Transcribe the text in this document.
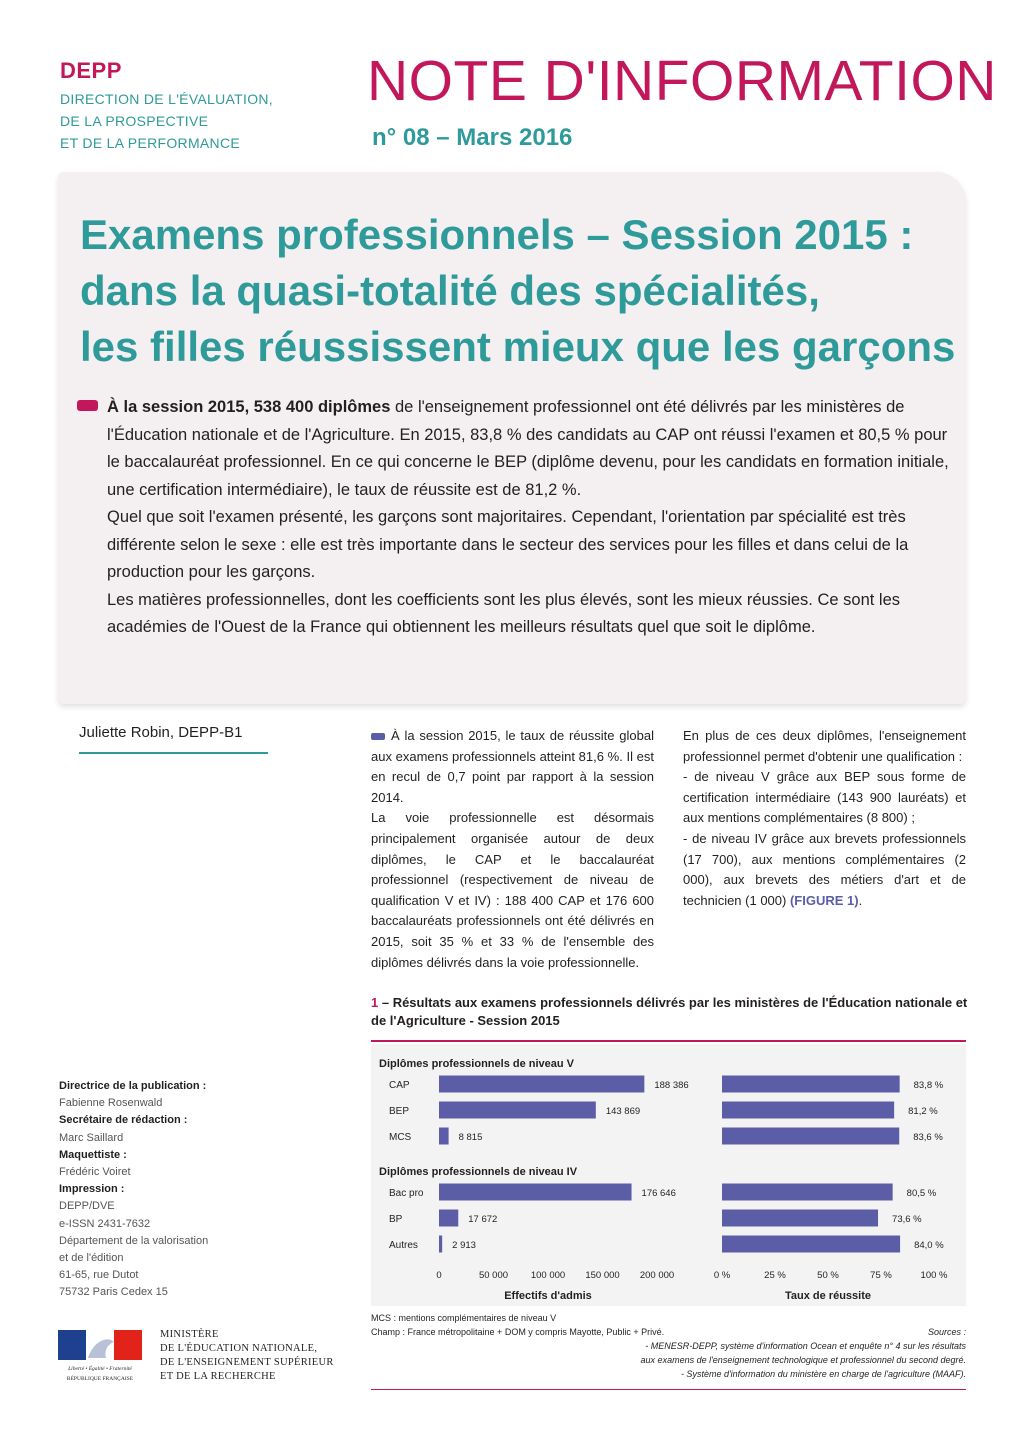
DEPP
DIRECTION DE L'ÉVALUATION,
DE LA PROSPECTIVE
ET DE LA PERFORMANCE
NOTE D'INFORMATION
n° 08 – Mars 2016
Examens professionnels – Session 2015 :
dans la quasi-totalité des spécialités,
les filles réussissent mieux que les garçons

À la session 2015, 538 400 diplômes de l'enseignement professionnel ont été délivrés par les ministères de l'Éducation nationale et de l'Agriculture. En 2015, 83,8 % des candidats au CAP ont réussi l'examen et 80,5 % pour le baccalauréat professionnel. En ce qui concerne le BEP (diplôme devenu, pour les candidats en formation initiale, une certification intermédiaire), le taux de réussite est de 81,2 %.

Quel que soit l'examen présenté, les garçons sont majoritaires. Cependant, l'orientation par spécialité est très différente selon le sexe : elle est très importante dans le secteur des services pour les filles et dans celui de la production pour les garçons.

Les matières professionnelles, dont les coefficients sont les plus élevés, sont les mieux réussies. Ce sont les académies de l'Ouest de la France qui obtiennent les meilleurs résultats quel que soit le diplôme.

Juliette Robin, DEPP-B1	À la session 2015, le taux de réussite global aux examens professionnels atteint 81,6 %. Il est en recul de 0,7 point par rapport à la session 2014.

La voie professionnelle est désormais principalement organisée autour de deux diplômes, le CAP et le baccalauréat professionnel (respectivement de niveau de qualification V et IV) : 188 400 CAP et 176 600 baccalauréats professionnels ont été délivrés en 2015, soit 35 % et 33 % de l'ensemble des diplômes délivrés dans la voie professionnelle.

En plus de ces deux diplômes, l'enseignement professionnel permet d'obtenir une qualification :

- de niveau V grâce aux BEP sous forme de certification intermédiaire (143 900 lauréats) et aux mentions complémentaires (8 800) ;

- de niveau IV grâce aux brevets professionnels (17 700), aux mentions complémentaires (2 000), aux brevets des métiers d'art et de technicien (1 000) (FIGURE 1).

1 – Résultats aux examens professionnels délivrés par les ministères de l'Éducation nationale et de l'Agriculture - Session 2015
Diplômes professionnels de niveau V
CAP	188 386	83,8 %
BEP	143 869	81,2 %
MCS	8 815	83,6 %
Diplômes professionnels de niveau IV
Bac pro	176 646	80,5 %
BP	17 672	73,6 %
Autres	2 913	84,0 %
0	50 000 100 000 150 000 200 000	0 %	25 %	50 %	75 %	100 %
Effectifs d'admis	Taux de réussite
MCS : mentions complémentaires de niveau V
Champ : France métropolitaine + DOM y compris Mayotte, Public + Privé.	Sources :
- MENESR-DEPP, système d'information Ocean et enquête n° 4 sur les résultats
aux examens de l'enseignement technologique et professionnel du second degré.
- Système d'information du ministère en charge de l'agriculture (MAAF).
Directrice de la publication :
Fabienne Rosenwald
Secrétaire de rédaction :
Marc Saillard
Maquettiste :
Frédéric Voiret
Impression :
DEPP/DVE
e-ISSN 2431-7632
Département de la valorisation
et de l'édition
61-65, rue Dutot
75732 Paris Cedex 15
Liberté • Égalité • Fraternité
RÉPUBLIQUE FRANÇAISE
MINISTÈRE
DE L'ÉDUCATION NATIONALE,
DE L'ENSEIGNEMENT SUPÉRIEUR
ET DE LA RECHERCHE
